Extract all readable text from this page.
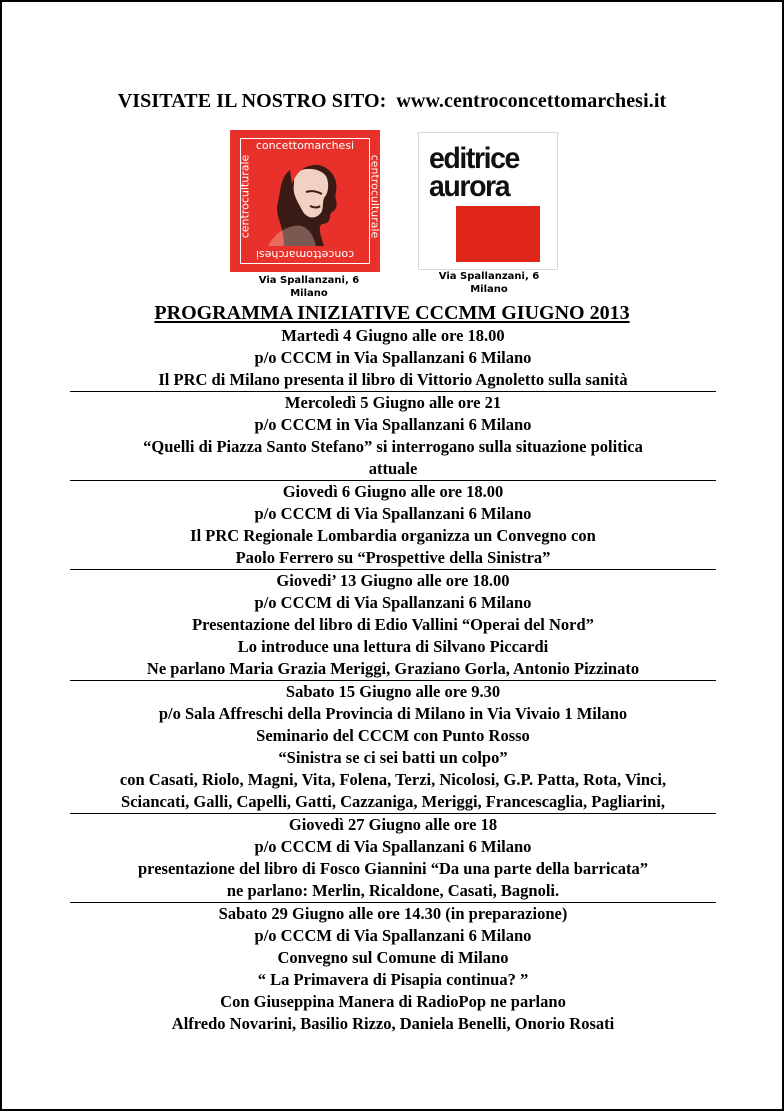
VISITATE IL NOSTRO SITO: www.centroconcettomarchesi.it
concettomarchesi
centroculturale	centroculturale
concettomarchesi
Via Spallanzani, 6
Milano
editrice
aurora
Via Spallanzani, 6
Milano
PROGRAMMA INIZIATIVE CCCMM GIUGNO 2013
Martedì 4 Giugno alle ore 18.00
p/o CCCM in Via Spallanzani 6 Milano
Il PRC di Milano presenta il libro di Vittorio Agnoletto sulla sanità
Mercoledì 5 Giugno alle ore 21
p/o CCCM in Via Spallanzani 6 Milano
“Quelli di Piazza Santo Stefano” si interrogano sulla situazione politica
attuale
Giovedì 6 Giugno alle ore 18.00
p/o CCCM di Via Spallanzani 6 Milano
Il PRC Regionale Lombardia organizza un Convegno con
Paolo Ferrero su “Prospettive della Sinistra”
Giovedi’ 13 Giugno alle ore 18.00
p/o CCCM di Via Spallanzani 6 Milano
Presentazione del libro di Edio Vallini “Operai del Nord”
Lo introduce una lettura di Silvano Piccardi
Ne parlano Maria Grazia Meriggi, Graziano Gorla, Antonio Pizzinato
Sabato 15 Giugno alle ore 9.30
p/o Sala Affreschi della Provincia di Milano in Via Vivaio 1 Milano
Seminario del CCCM con Punto Rosso
“Sinistra se ci sei batti un colpo”
con Casati, Riolo, Magni, Vita, Folena, Terzi, Nicolosi, G.P. Patta, Rota, Vinci,
Sciancati, Galli, Capelli, Gatti, Cazzaniga, Meriggi, Francescaglia, Pagliarini,
Giovedì 27 Giugno alle ore 18
p/o CCCM di Via Spallanzani 6 Milano
presentazione del libro di Fosco Giannini “Da una parte della barricata”
ne parlano: Merlin, Ricaldone, Casati, Bagnoli.
Sabato 29 Giugno alle ore 14.30 (in preparazione)
p/o CCCM di Via Spallanzani 6 Milano
Convegno sul Comune di Milano
“ La Primavera di Pisapia continua? ”
Con Giuseppina Manera di RadioPop ne parlano
Alfredo Novarini, Basilio Rizzo, Daniela Benelli, Onorio Rosati
